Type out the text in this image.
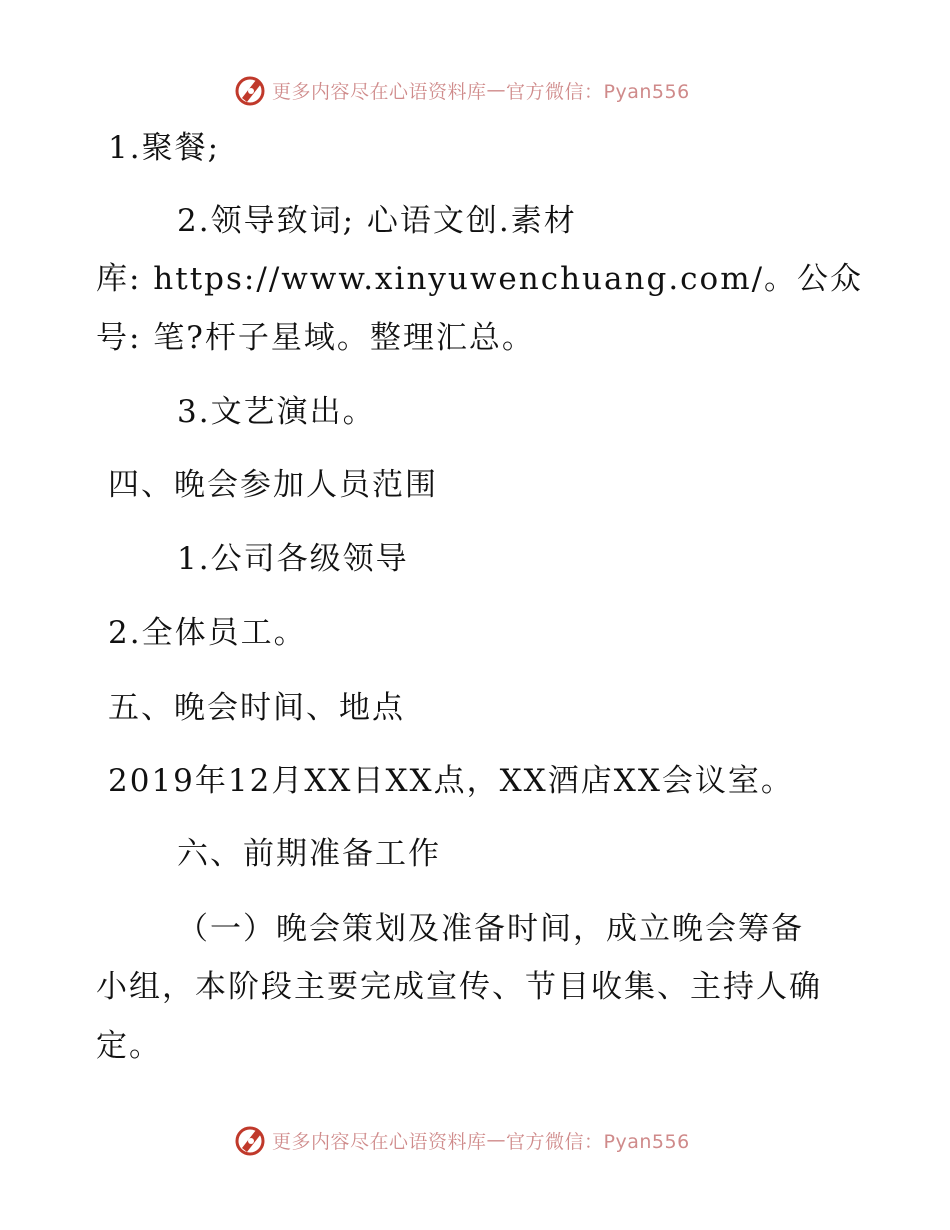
更多内容尽在心语资料库 — 官方微信：Pyan556
1.聚餐;
2.领导致词; 心语文创.素材
库: https://www.xinyuwenchuang.com/。公众
号: 笔?杆子星域。整理汇总。
3.文艺演出。
四、晚会参加人员范围
1.公司各级领导
2.全体员工。
五、晚会时间、地点
2019年12月XX日XX点，XX酒店XX会议室。
六、前期准备工作
（一）晚会策划及准备时间，成立晚会筹备
小组，本阶段主要完成宣传、节目收集、主持人确
定。
更多内容尽在心语资料库 — 官方微信：Pyan556
